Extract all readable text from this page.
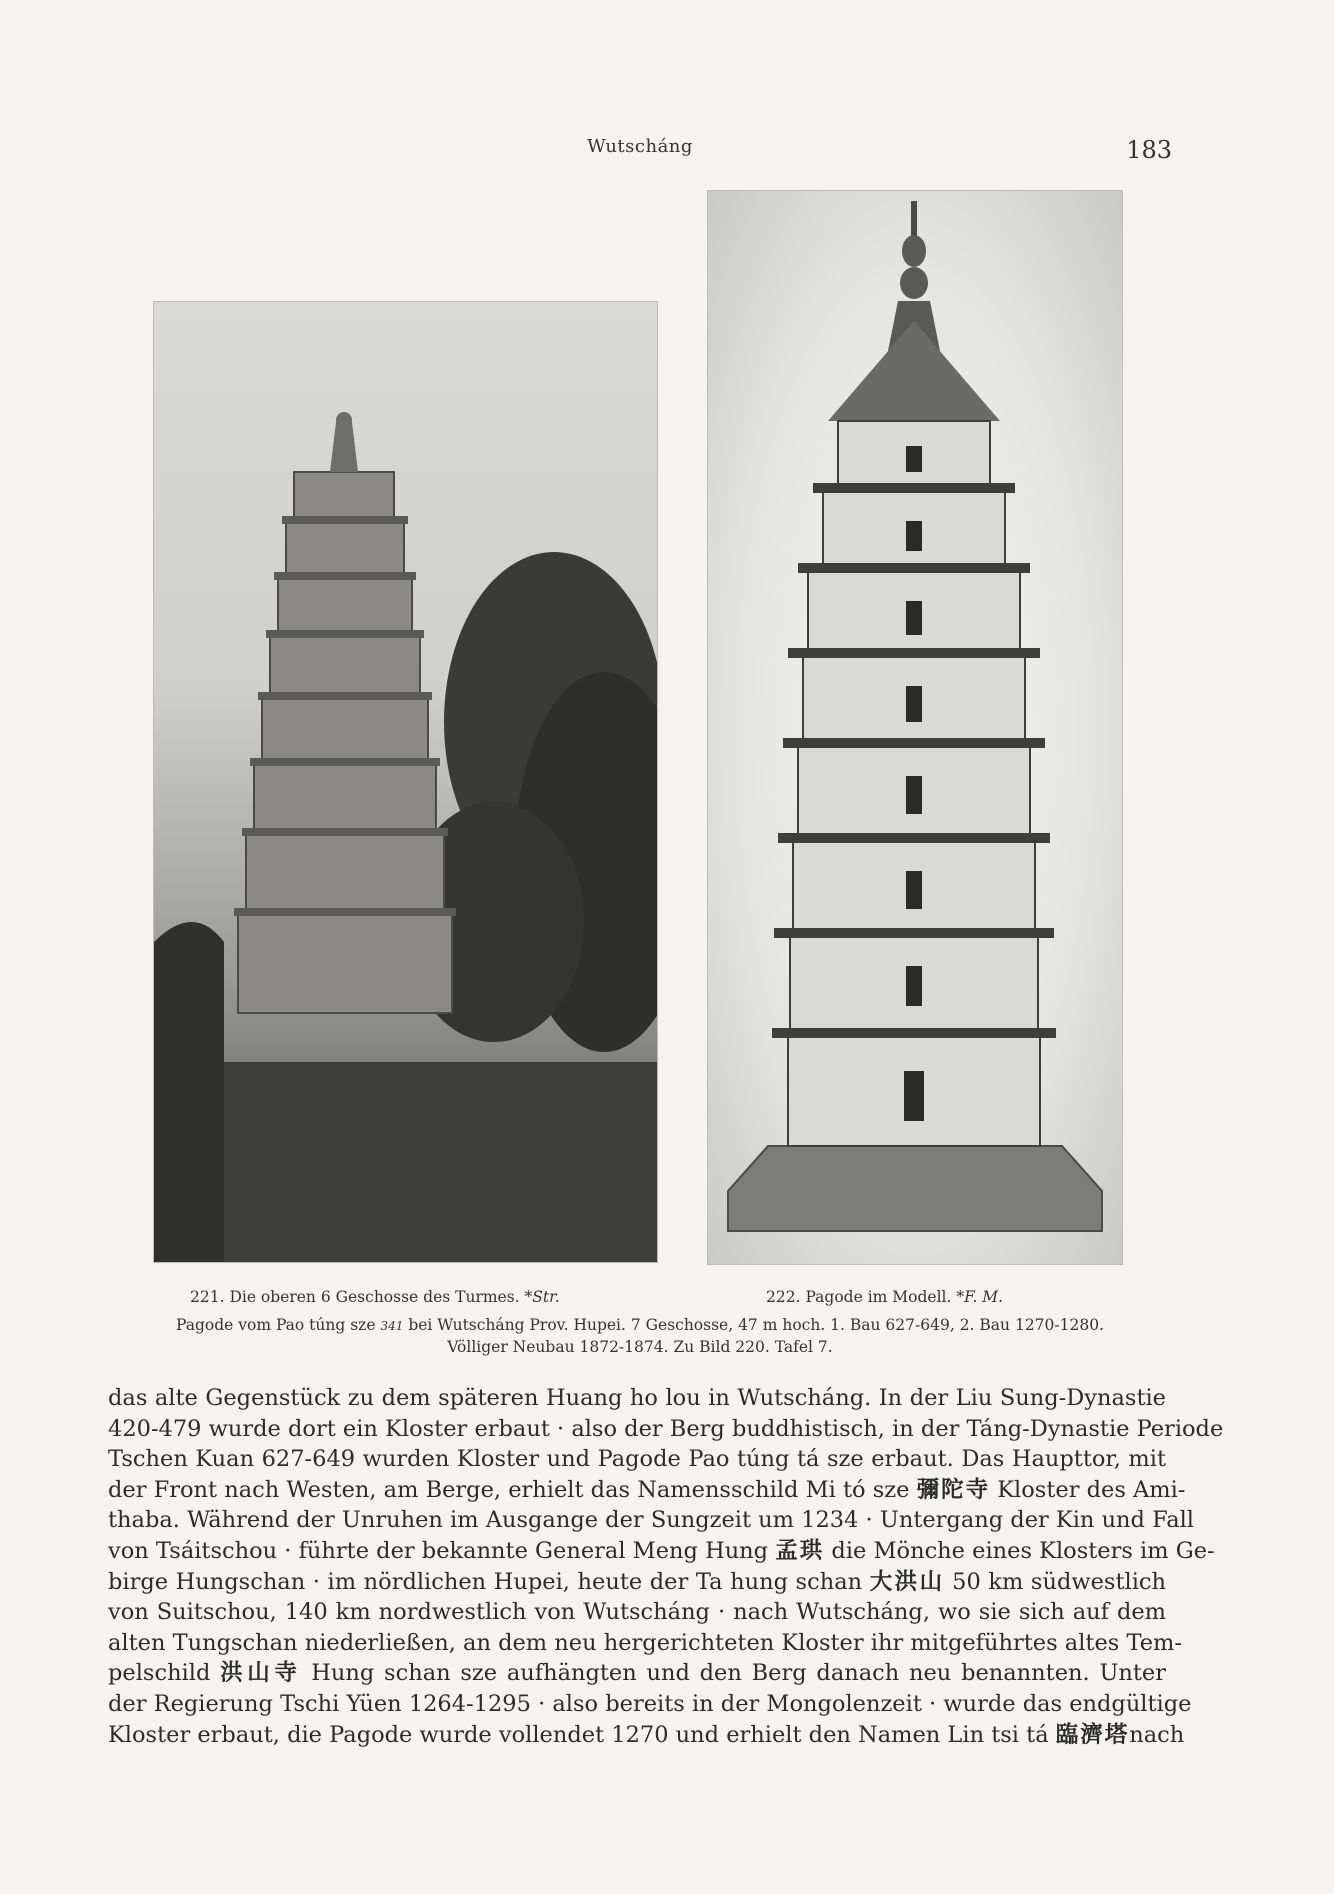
Wutscháng	183
221. Die oberen 6 Geschosse des Turmes. *Str.	222. Pagode im Modell. *F. M.
Pagode vom Pao túng sze 341 bei Wutscháng Prov. Hupei. 7 Geschosse, 47 m hoch. 1. Bau 627-649, 2. Bau 1270-1280.
Völliger Neubau 1872-1874. Zu Bild 220. Tafel 7.

das alte Gegenstück zu dem späteren Huang ho lou in Wutscháng. In der Liu Sung-Dynastie

420-479 wurde dort ein Kloster erbaut · also der Berg buddhistisch, in der Táng-Dynastie Periode

Tschen Kuan 627-649 wurden Kloster und Pagode Pao túng tá sze erbaut. Das Haupttor, mit

der Front nach Westen, am Berge, erhielt das Namensschild Mi tó sze 彌陀寺 Kloster des Ami-

thaba. Während der Unruhen im Ausgange der Sungzeit um 1234 · Untergang der Kin und Fall

von Tsáitschou · führte der bekannte General Meng Hung 孟珙 die Mönche eines Klosters im Ge-

birge Hungschan · im nördlichen Hupei, heute der Ta hung schan 大洪山 50 km südwestlich

von Suitschou, 140 km nordwestlich von Wutscháng · nach Wutscháng, wo sie sich auf dem

alten Tungschan niederließen, an dem neu hergerichteten Kloster ihr mitgeführtes altes Tem-

pelschild 洪山寺 Hung schan sze aufhängten und den Berg danach neu benannten. Unter

der Regierung Tschi Yüen 1264-1295 · also bereits in der Mongolenzeit · wurde das endgültige

Kloster erbaut, die Pagode wurde vollendet 1270 und erhielt den Namen Lin tsi tá 臨濟塔nach
